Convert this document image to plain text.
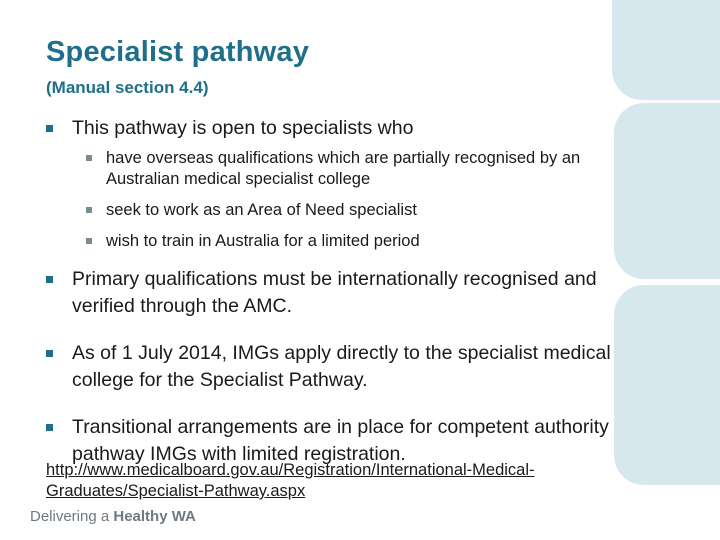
Specialist pathway
(Manual section 4.4)
This pathway is open to specialists who
have overseas qualifications which are partially recognised by an Australian medical specialist college
seek to work as an Area of Need specialist
wish to train in Australia for a limited period
Primary qualifications must be internationally recognised and verified through the AMC.
As of 1 July 2014, IMGs apply directly to the specialist medical college for the Specialist Pathway.
Transitional arrangements are in place for competent authority pathway IMGs with limited registration.
http://www.medicalboard.gov.au/Registration/International-Medical-Graduates/Specialist-Pathway.aspx
Delivering a Healthy WA
